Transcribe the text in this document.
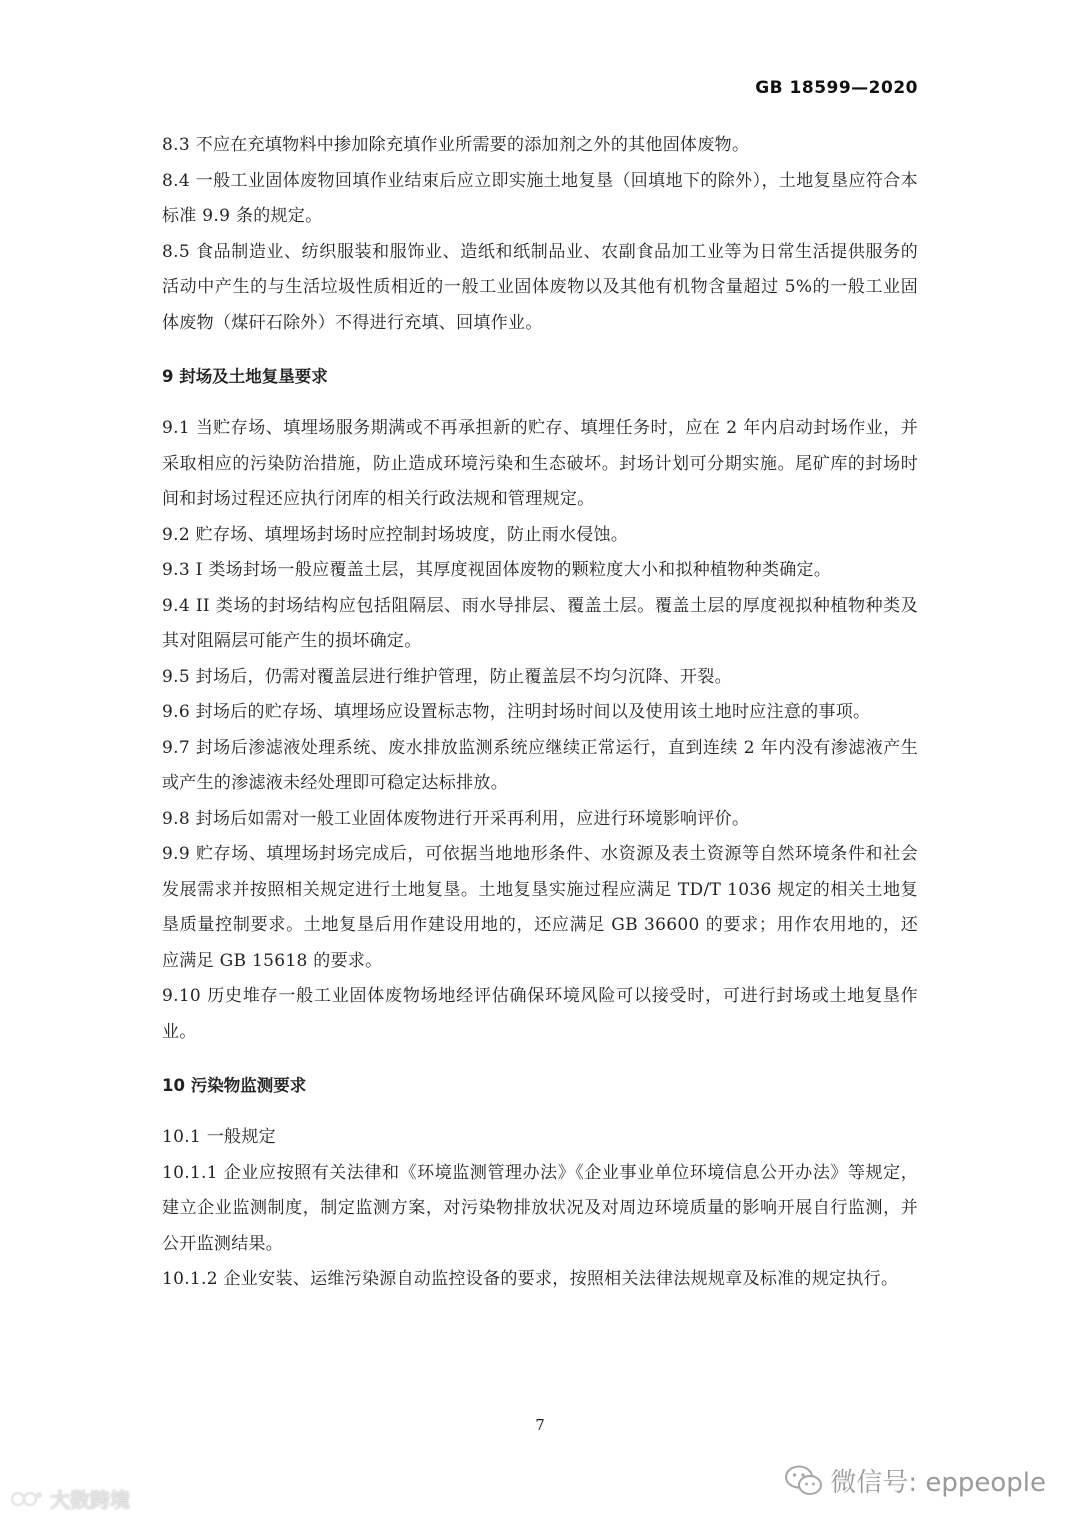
GB 18599—2020

8.3 不应在充填物料中掺加除充填作业所需要的添加剂之外的其他固体废物。

8.4 一般工业固体废物回填作业结束后应立即实施土地复垦（回填地下的除外），土地复垦应符合本标准 9.9 条的规定。

8.5 食品制造业、纺织服装和服饰业、造纸和纸制品业、农副食品加工业等为日常生活提供服务的活动中产生的与生活垃圾性质相近的一般工业固体废物以及其他有机物含量超过 5%的一般工业固体废物（煤矸石除外）不得进行充填、回填作业。

9 封场及土地复垦要求

9.1 当贮存场、填埋场服务期满或不再承担新的贮存、填埋任务时，应在 2 年内启动封场作业，并采取相应的污染防治措施，防止造成环境污染和生态破坏。封场计划可分期实施。尾矿库的封场时间和封场过程还应执行闭库的相关行政法规和管理规定。

9.2 贮存场、填埋场封场时应控制封场坡度，防止雨水侵蚀。

9.3 I 类场封场一般应覆盖土层，其厚度视固体废物的颗粒度大小和拟种植物种类确定。

9.4 II 类场的封场结构应包括阻隔层、雨水导排层、覆盖土层。覆盖土层的厚度视拟种植物种类及其对阻隔层可能产生的损坏确定。

9.5 封场后，仍需对覆盖层进行维护管理，防止覆盖层不均匀沉降、开裂。

9.6 封场后的贮存场、填埋场应设置标志物，注明封场时间以及使用该土地时应注意的事项。

9.7 封场后渗滤液处理系统、废水排放监测系统应继续正常运行，直到连续 2 年内没有渗滤液产生或产生的渗滤液未经处理即可稳定达标排放。

9.8 封场后如需对一般工业固体废物进行开采再利用，应进行环境影响评价。

9.9 贮存场、填埋场封场完成后，可依据当地地形条件、水资源及表土资源等自然环境条件和社会发展需求并按照相关规定进行土地复垦。土地复垦实施过程应满足 TD/T 1036 规定的相关土地复垦质量控制要求。土地复垦后用作建设用地的，还应满足 GB 36600 的要求；用作农用地的，还应满足 GB 15618 的要求。

9.10 历史堆存一般工业固体废物场地经评估确保环境风险可以接受时，可进行封场或土地复垦作业。

10 污染物监测要求

10.1 一般规定

10.1.1 企业应按照有关法律和《环境监测管理办法》《企业事业单位环境信息公开办法》等规定，建立企业监测制度，制定监测方案，对污染物排放状况及对周边环境质量的影响开展自行监测，并公开监测结果。

10.1.2 企业安装、运维污染源自动监控设备的要求，按照相关法律法规规章及标准的规定执行。

7
微信号: eppeople
大数跨境
